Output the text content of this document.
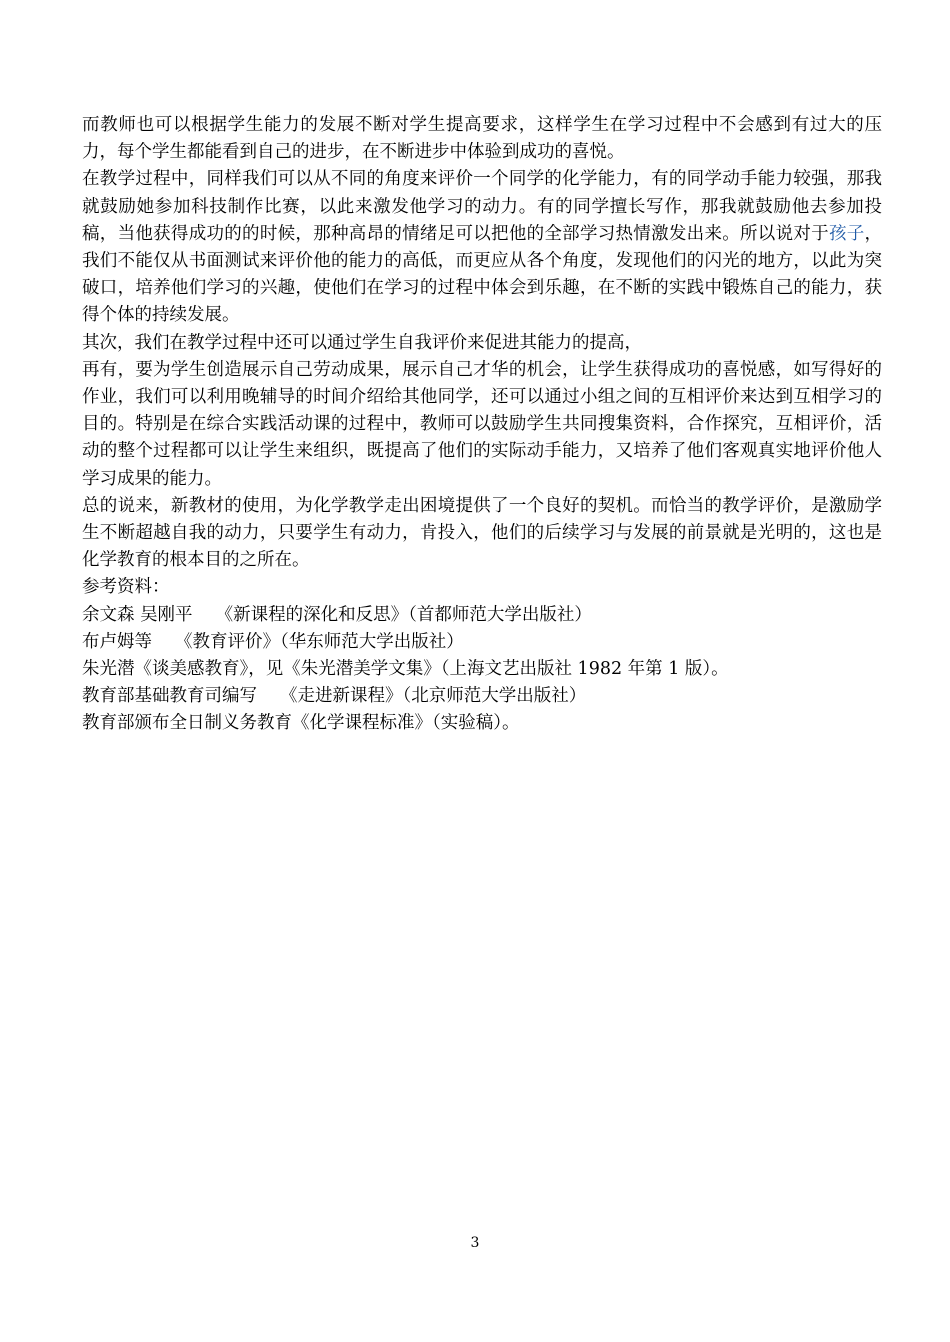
而教师也可以根据学生能力的发展不断对学生提高要求，这样学生在学习过程中不会感到有过大的压力，每个学生都能看到自己的进步，在不断进步中体验到成功的喜悦。

在教学过程中，同样我们可以从不同的角度来评价一个同学的化学能力，有的同学动手能力较强，那我就鼓励她参加科技制作比赛，以此来激发他学习的动力。有的同学擅长写作，那我就鼓励他去参加投稿，当他获得成功的的时候，那种高昂的情绪足可以把他的全部学习热情激发出来。所以说对于孩子，我们不能仅从书面测试来评价他的能力的高低，而更应从各个角度，发现他们的闪光的地方，以此为突破口，培养他们学习的兴趣，使他们在学习的过程中体会到乐趣，在不断的实践中锻炼自己的能力，获得个体的持续发展。

其次，我们在教学过程中还可以通过学生自我评价来促进其能力的提高，

再有，要为学生创造展示自己劳动成果，展示自己才华的机会，让学生获得成功的喜悦感，如写得好的作业，我们可以利用晚辅导的时间介绍给其他同学，还可以通过小组之间的互相评价来达到互相学习的目的。特别是在综合实践活动课的过程中，教师可以鼓励学生共同搜集资料，合作探究，互相评价，活动的整个过程都可以让学生来组织，既提高了他们的实际动手能力，又培养了他们客观真实地评价他人学习成果的能力。

总的说来，新教材的使用，为化学教学走出困境提供了一个良好的契机。而恰当的教学评价，是激励学生不断超越自我的动力，只要学生有动力，肯投入，他们的后续学习与发展的前景就是光明的，这也是化学教育的根本目的之所在。

参考资料：

余文森 吴刚平　 《新课程的深化和反思》（首都师范大学出版社）

布卢姆等　 《教育评价》（华东师范大学出版社）

朱光潜《谈美感教育》，见《朱光潜美学文集》（上海文艺出版社 1982 年第 1 版）。

教育部基础教育司编写　 《走进新课程》（北京师范大学出版社）

教育部颁布全日制义务教育《化学课程标准》（实验稿）。

3
